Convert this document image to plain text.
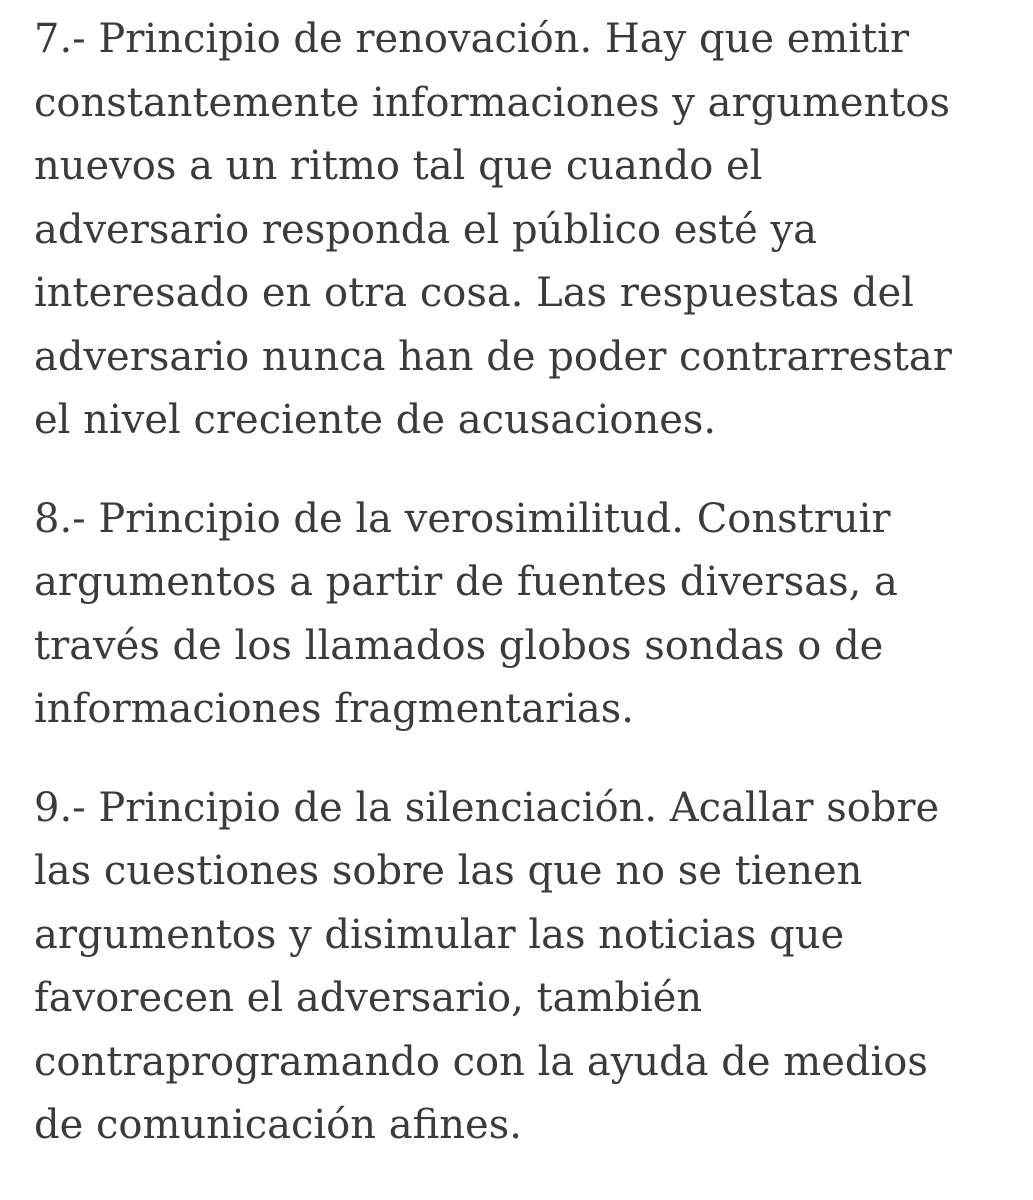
7.- Principio de renovación. Hay que emitir
constantemente informaciones y argumentos
nuevos a un ritmo tal que cuando el
adversario responda el público esté ya
interesado en otra cosa. Las respuestas del
adversario nunca han de poder contrarrestar
el nivel creciente de acusaciones.

8.- Principio de la verosimilitud. Construir
argumentos a partir de fuentes diversas, a
través de los llamados globos sondas o de
informaciones fragmentarias.

9.- Principio de la silenciación. Acallar sobre
las cuestiones sobre las que no se tienen
argumentos y disimular las noticias que
favorecen el adversario, también
contraprogramando con la ayuda de medios
de comunicación afines.
